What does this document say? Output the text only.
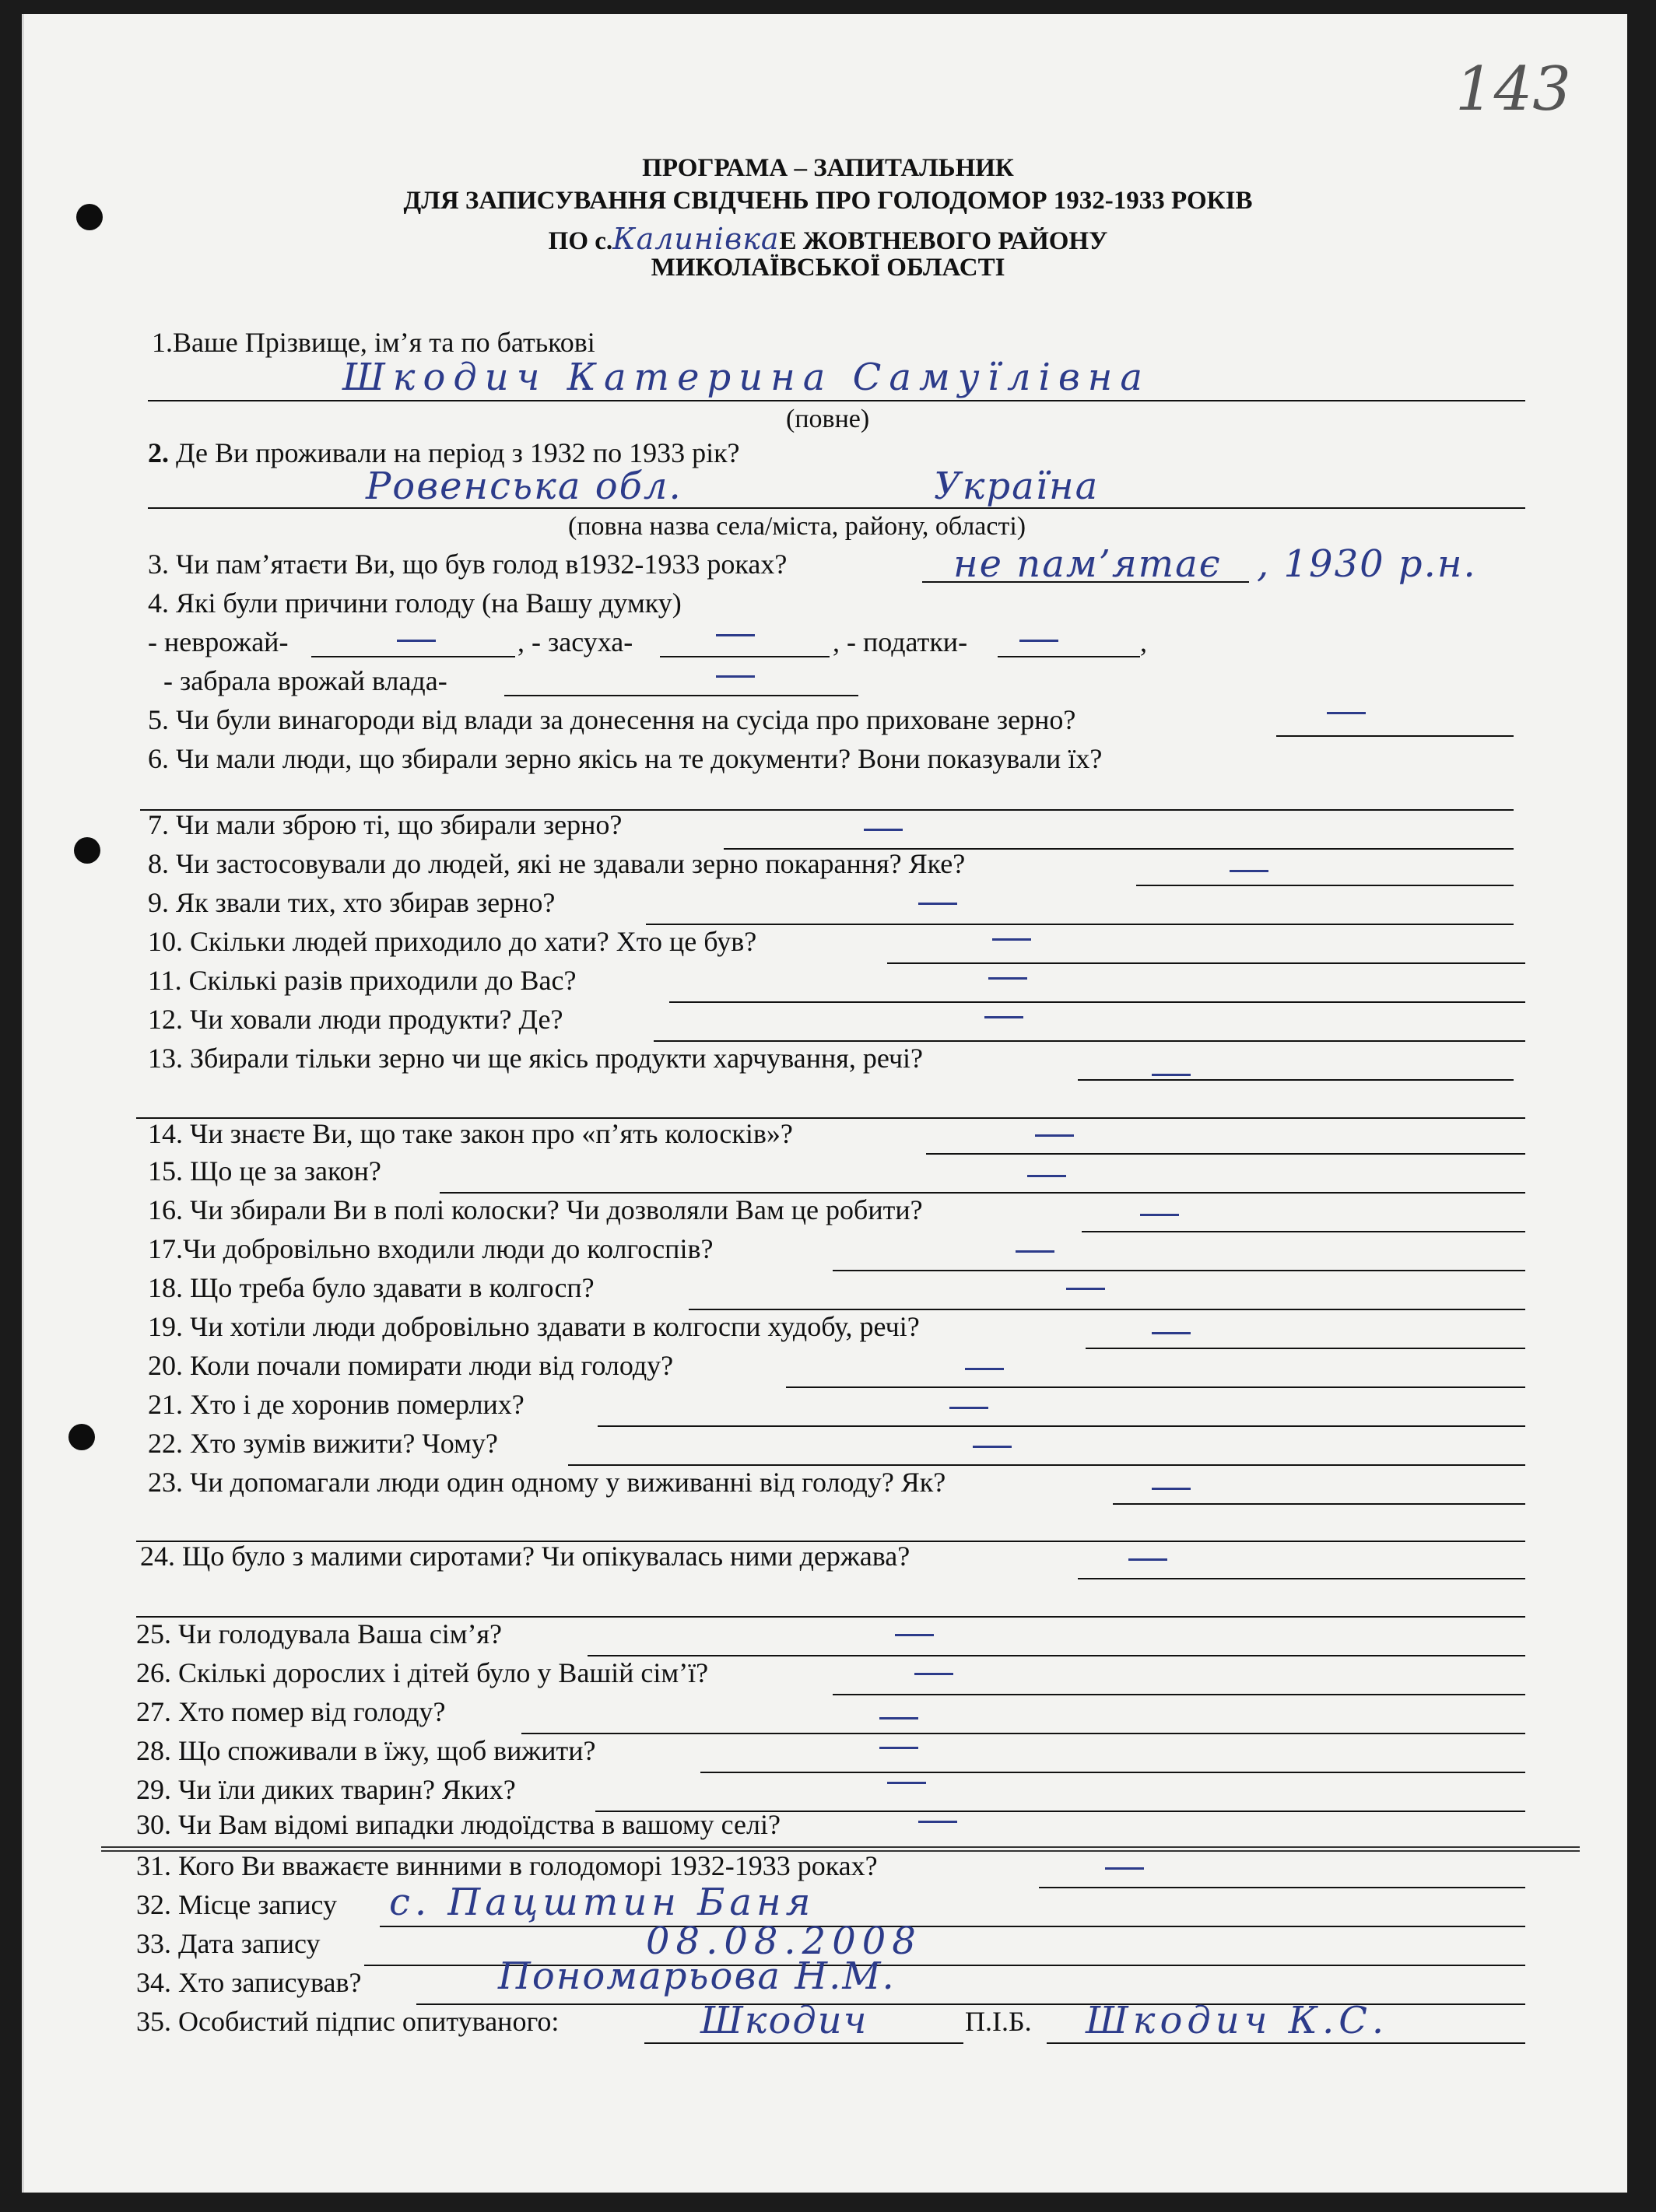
143
ПРОГРАМА – ЗАПИТАЛЬНИК
ДЛЯ ЗАПИСУВАННЯ СВІДЧЕНЬ ПРО ГОЛОДОМОР 1932-1933 РОКІВ
ПО с.КалинівкаЕ ЖОВТНЕВОГО РАЙОНУ
МИКОЛАЇВСЬКОЇ ОБЛАСТІ
1.Ваше Прізвище, ім’я та по батькові
Шкодич Катерина Самуїлівна
(повне)
2. Де Ви проживали на період з 1932 по 1933 рік?
Ровенська обл.	Україна
(повна назва села/міста, району, області)
3. Чи пам’ятаєти Ви, що був голод в1932-1933 роках?	не пам’ятає , 1930 р.н.
4. Які були причини голоду (на Вашу думку)
- неврожай-	, - засуха-	, - податки-	,
- забрала врожай влада-
5. Чи були винагороди від влади за донесення на сусіда про приховане зерно?
6. Чи мали люди, що збирали зерно якісь на те документи? Вони показували їх?
7. Чи мали зброю ті, що збирали зерно?
8. Чи застосовували до людей, які не здавали зерно покарання? Яке?
9. Як звали тих, хто збирав зерно?
10. Скільки людей приходило до хати? Хто це був?
11. Скількі разів приходили до Вас?
12. Чи ховали люди продукти? Де?
13. Збирали тільки зерно чи ще якісь продукти харчування, речі?
14. Чи знаєте Ви, що таке закон про «п’ять колосків»?
15. Що це за закон?
16. Чи збирали Ви в полі колоски? Чи дозволяли Вам це робити?
17.Чи добровільно входили люди до колгоспів?
18. Що треба було здавати в колгосп?
19. Чи хотіли люди добровільно здавати в колгоспи худобу, речі?
20. Коли почали помирати люди від голоду?
21. Хто і де хоронив померлих?
22. Хто зумів вижити? Чому?
23. Чи допомагали люди один одному у виживанні від голоду? Як?
24. Що було з малими сиротами? Чи опікувалась ними держава?
25. Чи голодувала Ваша сім’я?
26. Скількі дорослих і дітей було у Вашій сім’ї?
27. Хто помер від голоду?
28. Що споживали в їжу, щоб вижити?
29. Чи їли диких тварин? Яких?
30. Чи Вам відомі випадки людоїдства в вашому селі?
31. Кого Ви вважаєте винними в голодоморі 1932-1933 роках?
32. Місце запису с. Пацштин Баня
33. Дата запису	08.08.2008
34. Хто записував?	Пономарьова Н.М.
35. Особистий підпис опитуваного:	Шкодич	П.І.Б. Шкодич К.С.
